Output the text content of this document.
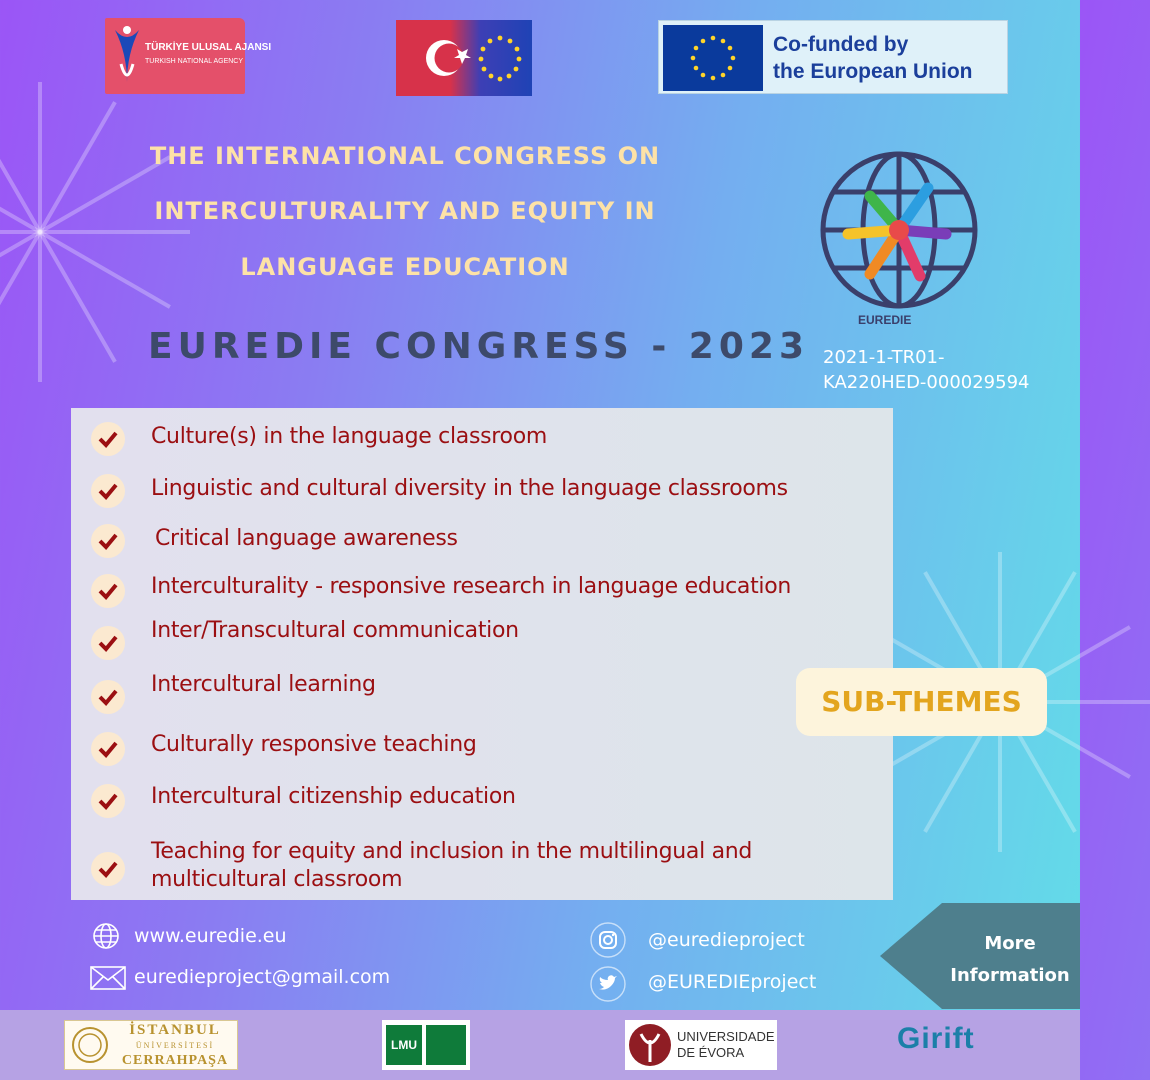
TÜRKİYE ULUSAL AJANSI
TURKISH NATIONAL AGENCY
Co-funded by
the European Union
THE INTERNATIONAL CONGRESS ON
INTERCULTURALITY AND EQUITY IN
LANGUAGE EDUCATION
EUREDIE CONGRESS - 2023
EUREDIE
2021-1-TR01-
KA220HED-000029594
Culture(s) in the language classroom
Linguistic and cultural diversity in the language classrooms
Critical language awareness
Interculturality - responsive research in language education
Inter/Transcultural communication
Intercultural learning
Culturally responsive teaching
Intercultural citizenship education
Teaching for equity and inclusion in the multilingual and
multicultural classroom
SUB-THEMES
www.euredie.eu
euredieproject@gmail.com
@euredieproject
@EUREDIEproject
More
Information
İSTANBUL
ÜNİVERSİTESİ
CERRAHPAŞA
LMU
UNIVERSIDADE
DE ÉVORA	Girift
